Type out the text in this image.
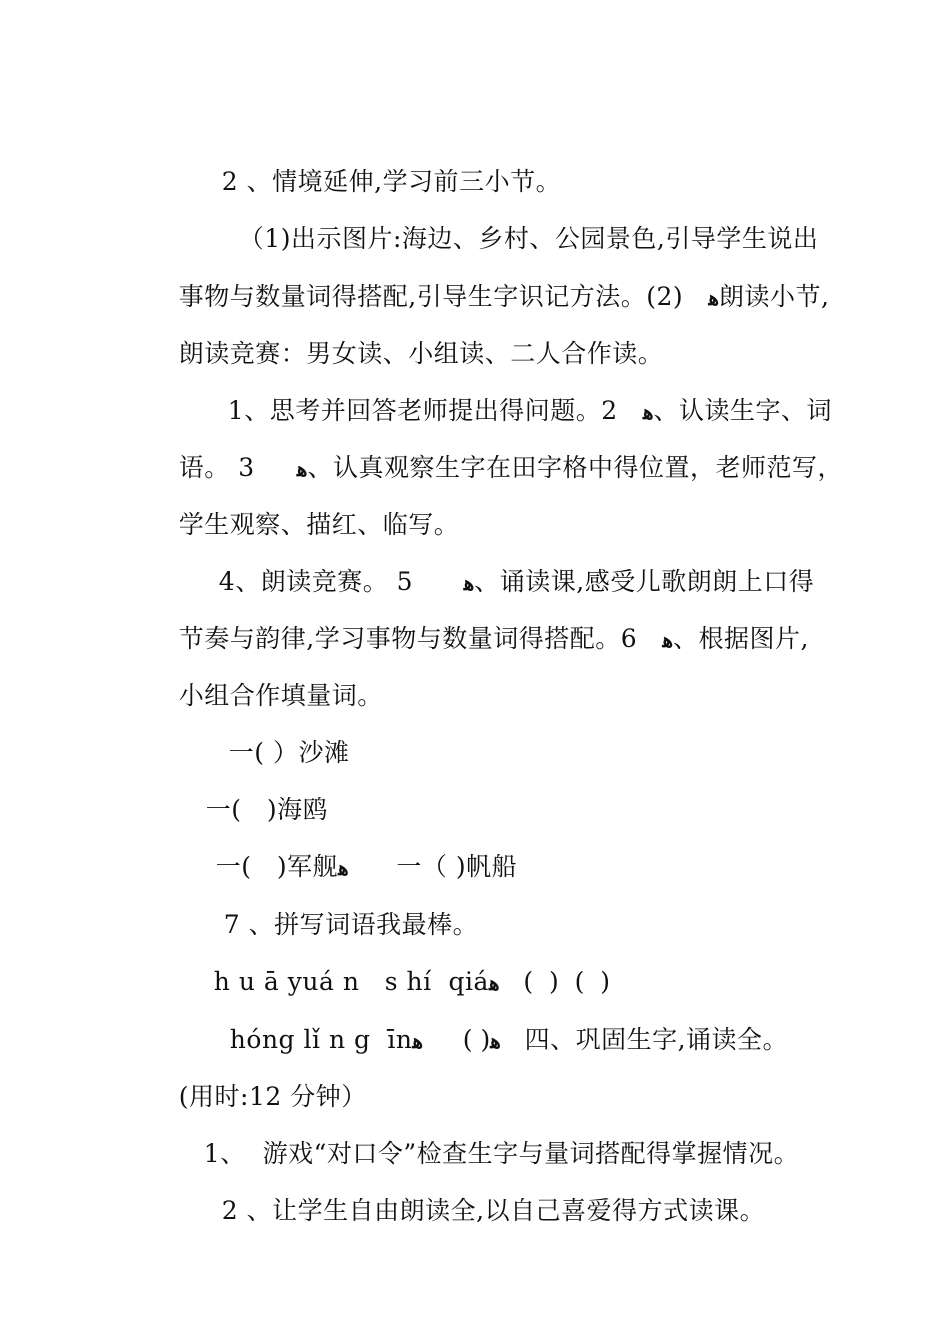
2 、情境延伸,学习前三小节。

（1)出示图片:海边、乡村、公园景色,引导学生说出

事物与数量词得搭配,引导生字识记方法。(2)   ﻫ朗读小节,

朗读竞赛：男女读、小组读、二人合作读。

1、思考并回答老师提出得问题。2   ﻫ、认读生字、词

语。 3     ﻫ、认真观察生字在田字格中得位置，老师范写，

学生观察、描红、临写。

4、朗读竞赛。 5      ﻫ、诵读课,感受儿歌朗朗上口得

节奏与韵律,学习事物与数量词得搭配。6   ﻫ、根据图片,

小组合作填量词。

一( ）沙滩

一(   )海鸥

一(   )军舰ﻫ      一（ )帆船

7 、拼写词语我最棒。

h u ā yuá n   s hí  qiáﻫ   (  )  (  )

hóng lǐ n g  īn	ﻫ( )     ﻫ	四、巩固生字,诵读全。

(用时:12 分钟）

1、  游戏“对口令”检查生字与量词搭配得掌握情况。

2 、让学生自由朗读全,以自己喜爱得方式读课。
